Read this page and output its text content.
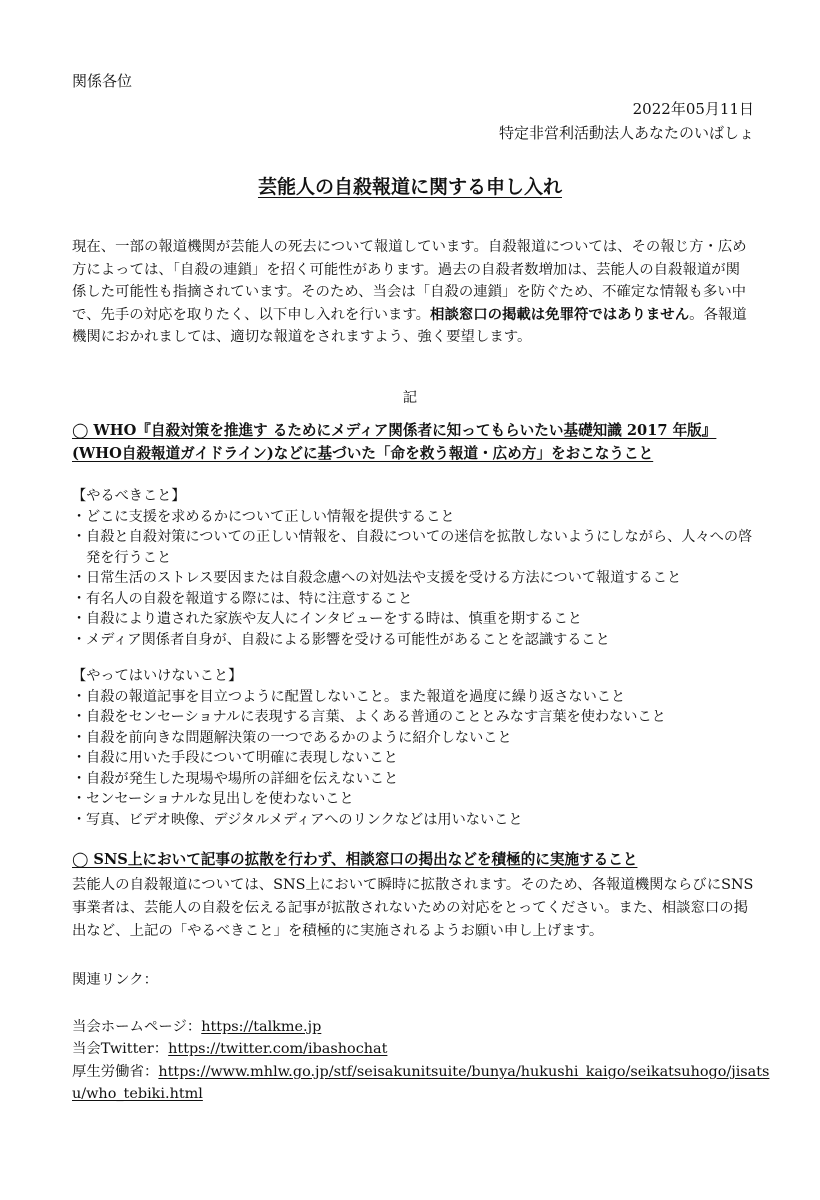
関係各位
2022年05月11日
特定非営利活動法人あなたのいばしょ
芸能人の自殺報道に関する申し入れ

現在、一部の報道機関が芸能人の死去について報道しています。自殺報道については、その報じ方・広め方によっては、「自殺の連鎖」を招く可能性があります。過去の自殺者数増加は、芸能人の自殺報道が関係した可能性も指摘されています。そのため、当会は「自殺の連鎖」を防ぐため、不確定な情報も多い中で、先手の対応を取りたく、以下申し入れを行います。相談窓口の掲載は免罪符ではありません。各報道機関におかれましては、適切な報道をされますよう、強く要望します。

記
◯ WHO『自殺対策を推進す るためにメディア関係者に知ってもらいたい基礎知識 2017 年版』
(WHO自殺報道ガイドライン)などに基づいた「命を救う報道・広め方」をおこなうこと

【やるべきこと】

・ どこに支援を求めるかについて正しい情報を提供すること
・ 自殺と自殺対策についての正しい情報を、自殺についての迷信を拡散しないようにしながら、人々への啓発を行うこと
・ 日常生活のストレス要因または自殺念慮への対処法や支援を受ける方法について報道すること
・ 有名人の自殺を報道する際には、特に注意すること
・ 自殺により遺された家族や友人にインタビューをする時は、慎重を期すること
・ メディア関係者自身が、自殺による影響を受ける可能性があることを認識すること

【やってはいけないこと】

・ 自殺の報道記事を目立つように配置しないこと。また報道を過度に繰り返さないこと
・ 自殺をセンセーショナルに表現する言葉、よくある普通のこととみなす言葉を使わないこと
・ 自殺を前向きな問題解決策の一つであるかのように紹介しないこと
・ 自殺に用いた手段について明確に表現しないこと
・ 自殺が発生した現場や場所の詳細を伝えないこと
・ センセーショナルな見出しを使わないこと
・ 写真、ビデオ映像、デジタルメディアへのリンクなどは用いないこと
◯ SNS上において記事の拡散を行わず、相談窓口の掲出などを積極的に実施すること

芸能人の自殺報道については、SNS上において瞬時に拡散されます。そのため、各報道機関ならびにSNS事業者は、芸能人の自殺を伝える記事が拡散されないための対応をとってください。また、相談窓口の掲出など、上記の「やるべきこと」を積極的に実施されるようお願い申し上げます。

関連リンク：

当会ホームページ：https://talkme.jp

当会Twitter：https://twitter.com/ibashochat

厚生労働省：https://www.mhlw.go.jp/stf/seisakunitsuite/bunya/hukushi_kaigo/seikatsuhogo/jisatsu/who_tebiki.html
